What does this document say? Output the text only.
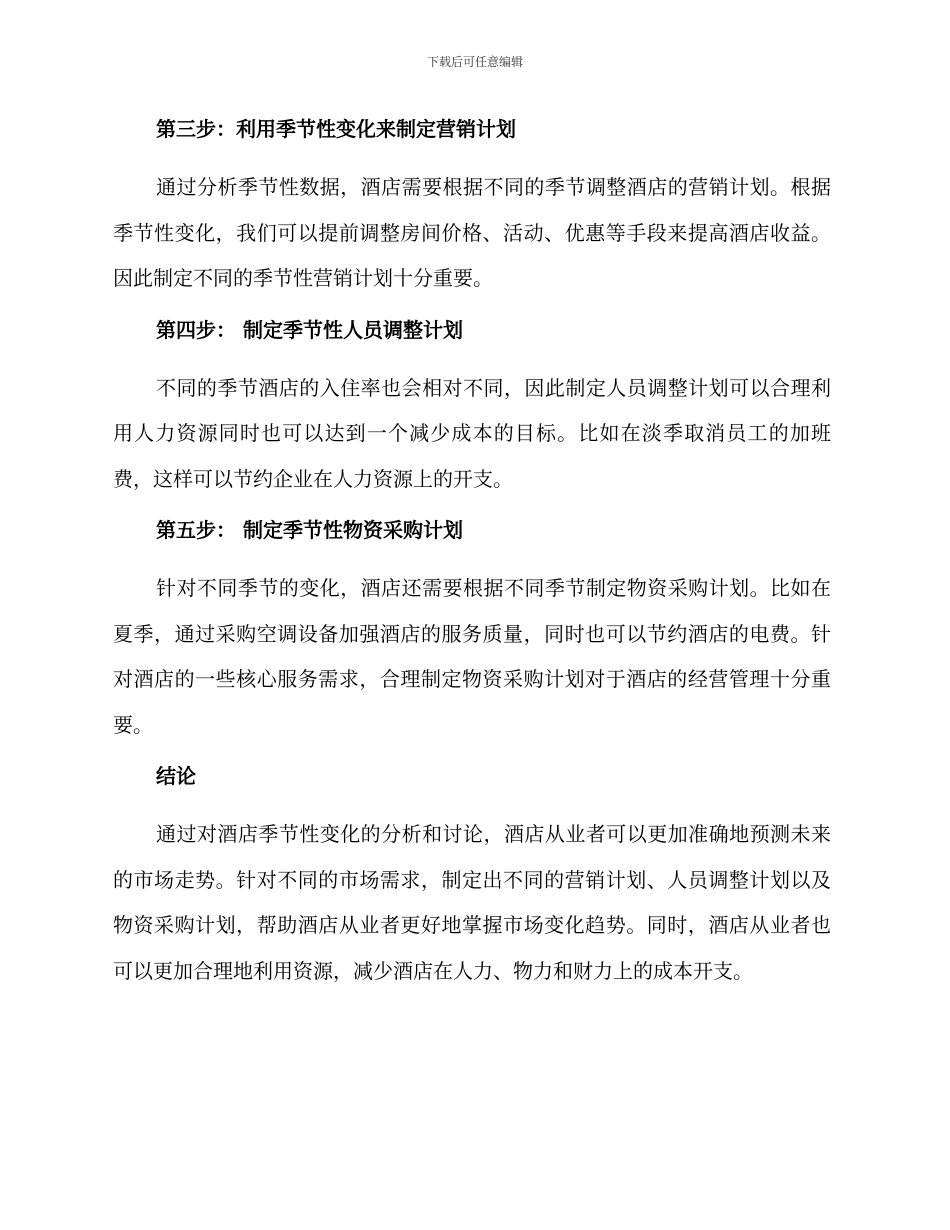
下载后可任意编辑
第三步：利用季节性变化来制定营销计划

通过分析季节性数据，酒店需要根据不同的季节调整酒店的营销计划。根据季节性变化，我们可以提前调整房间价格、活动、优惠等手段来提高酒店收益。因此制定不同的季节性营销计划十分重要。

第四步： 制定季节性人员调整计划

不同的季节酒店的入住率也会相对不同，因此制定人员调整计划可以合理利用人力资源同时也可以达到一个减少成本的目标。比如在淡季取消员工的加班费，这样可以节约企业在人力资源上的开支。

第五步： 制定季节性物资采购计划

针对不同季节的变化，酒店还需要根据不同季节制定物资采购计划。比如在夏季，通过采购空调设备加强酒店的服务质量，同时也可以节约酒店的电费。针对酒店的一些核心服务需求，合理制定物资采购计划对于酒店的经营管理十分重要。

结论

通过对酒店季节性变化的分析和讨论，酒店从业者可以更加准确地预测未来的市场走势。针对不同的市场需求，制定出不同的营销计划、人员调整计划以及物资采购计划，帮助酒店从业者更好地掌握市场变化趋势。同时，酒店从业者也可以更加合理地利用资源，减少酒店在人力、物力和财力上的成本开支。
